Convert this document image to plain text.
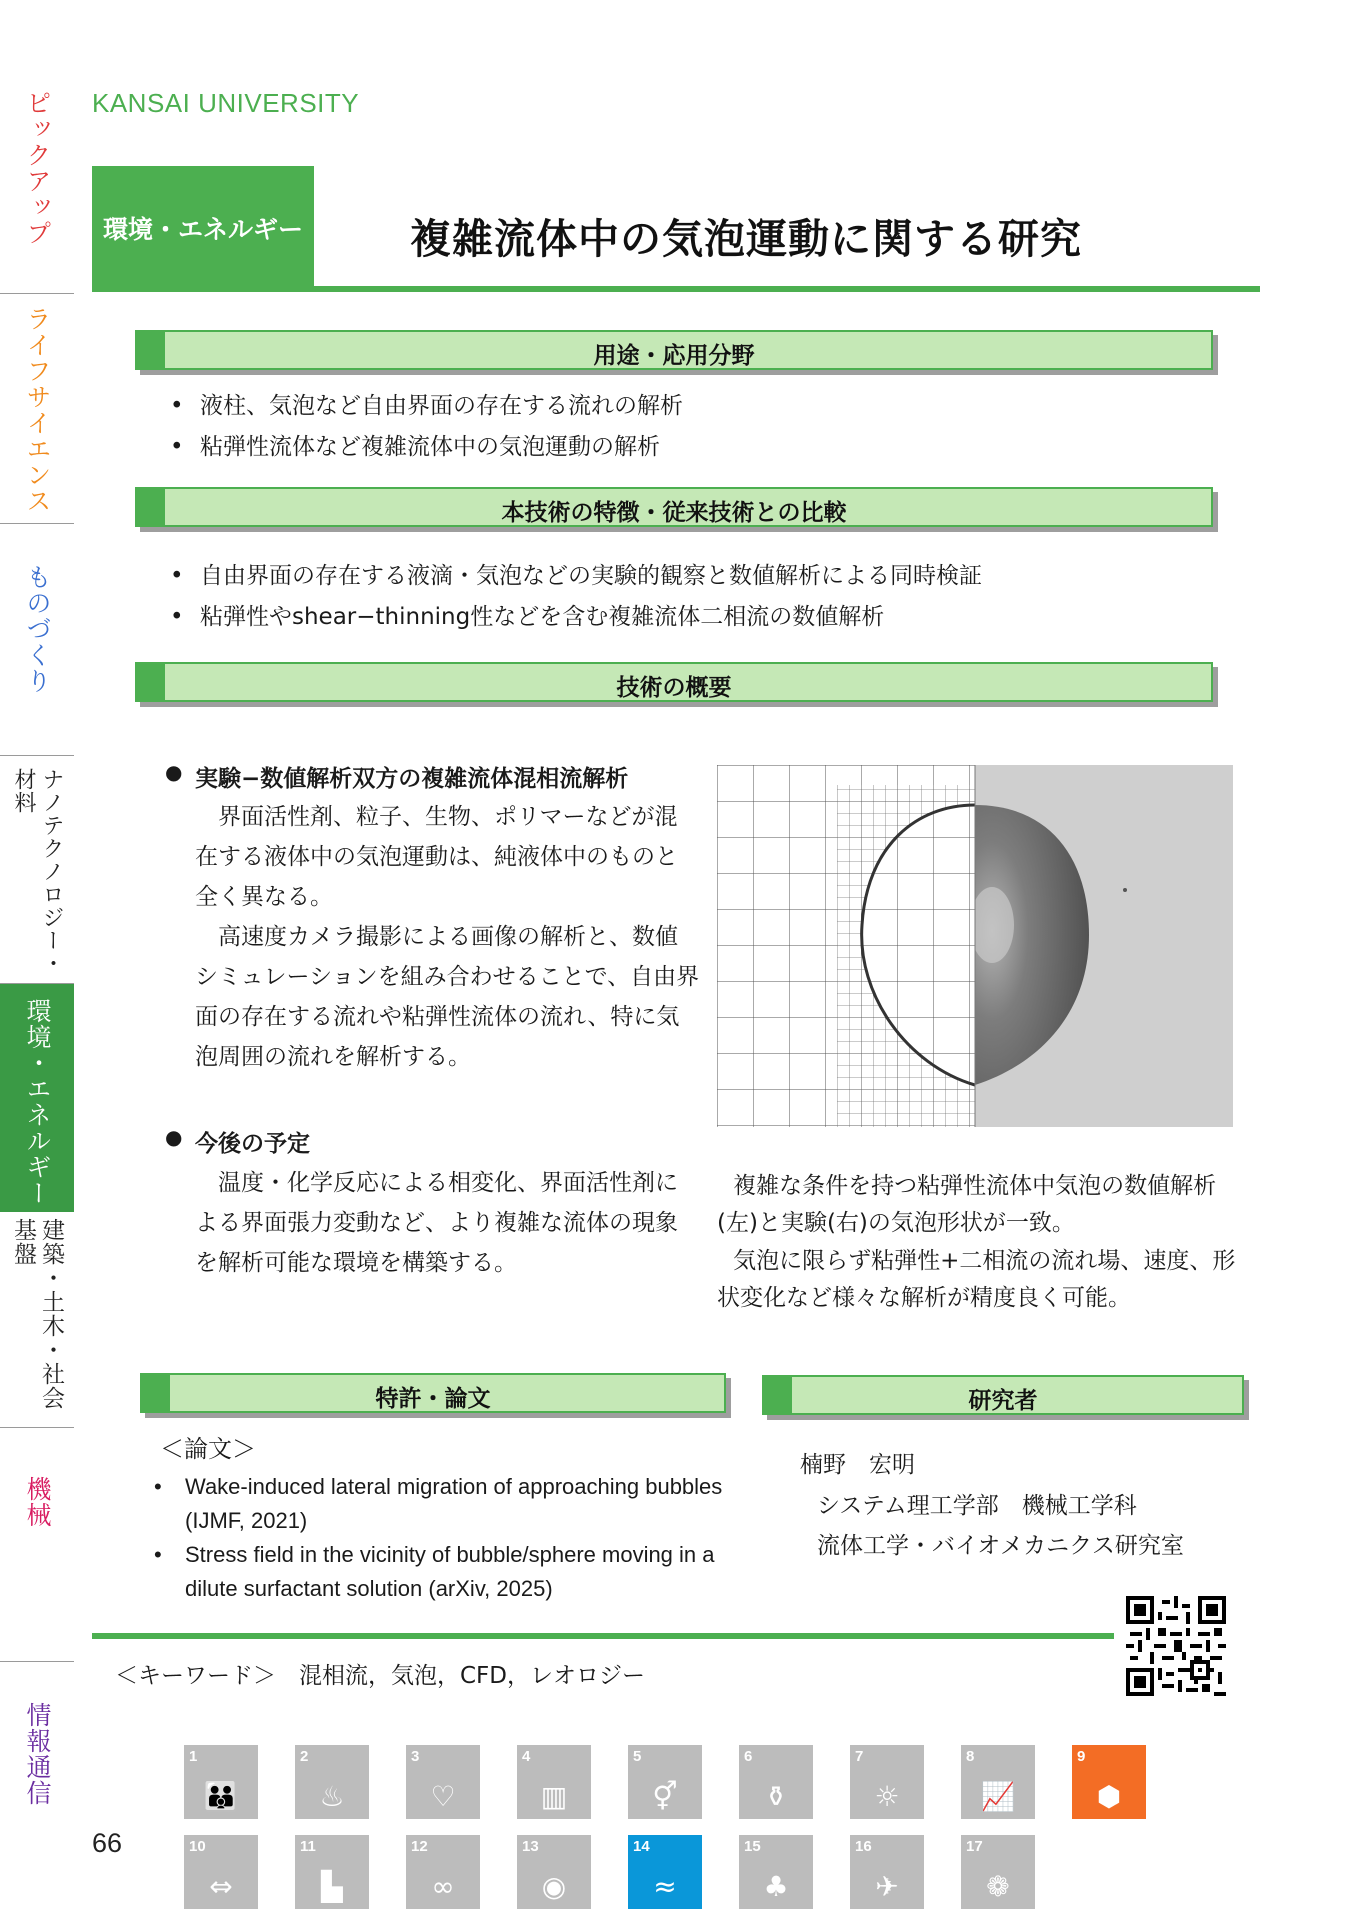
ピックアップ
ライフサイエンス
ものづくり
ナノテクノロジー・材料
環境・エネルギー
建築・土木・社会基盤
機械
情報通信
KANSAI UNIVERSITY
環境・エネルギー	複雑流体中の気泡運動に関する研究
用途・応用分野
• 液柱、気泡など自由界面の存在する流れの解析
• 粘弾性流体など複雑流体中の気泡運動の解析
本技術の特徴・従来技術との比較
• 自由界面の存在する液滴・気泡などの実験的観察と数値解析による同時検証
• 粘弾性やshear−thinning性などを含む複雑流体二相流の数値解析
技術の概要
● 実験−数値解析双方の複雑流体混相流解析

界面活性剤、粒子、生物、ポリマーなどが混在する液体中の気泡運動は、純液体中のものと全く異なる。

高速度カメラ撮影による画像の解析と、数値シミュレーションを組み合わせることで、自由界面の存在する流れや粘弾性流体の流れ、特に気泡周囲の流れを解析する。

● 今後の予定

温度・化学反応による相変化、界面活性剤による界面張力変動など、より複雑な流体の現象を解析可能な環境を構築する。

複雑な条件を持つ粘弾性流体中気泡の数値解析(左)と実験(右)の気泡形状が一致。

気泡に限らず粘弾性+二相流の流れ場、速度、形状変化など様々な解析が精度良く可能。

特許・論文
＜論文＞
• Wake-induced lateral migration of approaching bubbles (IJMF, 2021)
• Stress field in the vicinity of bubble/sphere moving in a dilute surfactant solution (arXiv, 2025)
研究者
楠野　宏明
システム理工学部　機械工学科
流体工学・バイオメカニクス研究室
＜キーワード＞　混相流，気泡，CFD，レオロジー
1
👪
2
♨
3
♡
4
▥
5
⚥
6
⚱
7
☼
8
📈
9
⬢
10
⇔
11
▙
12
∞
13
◉
14
≈
15
♣
16
✈
17
❁
66
